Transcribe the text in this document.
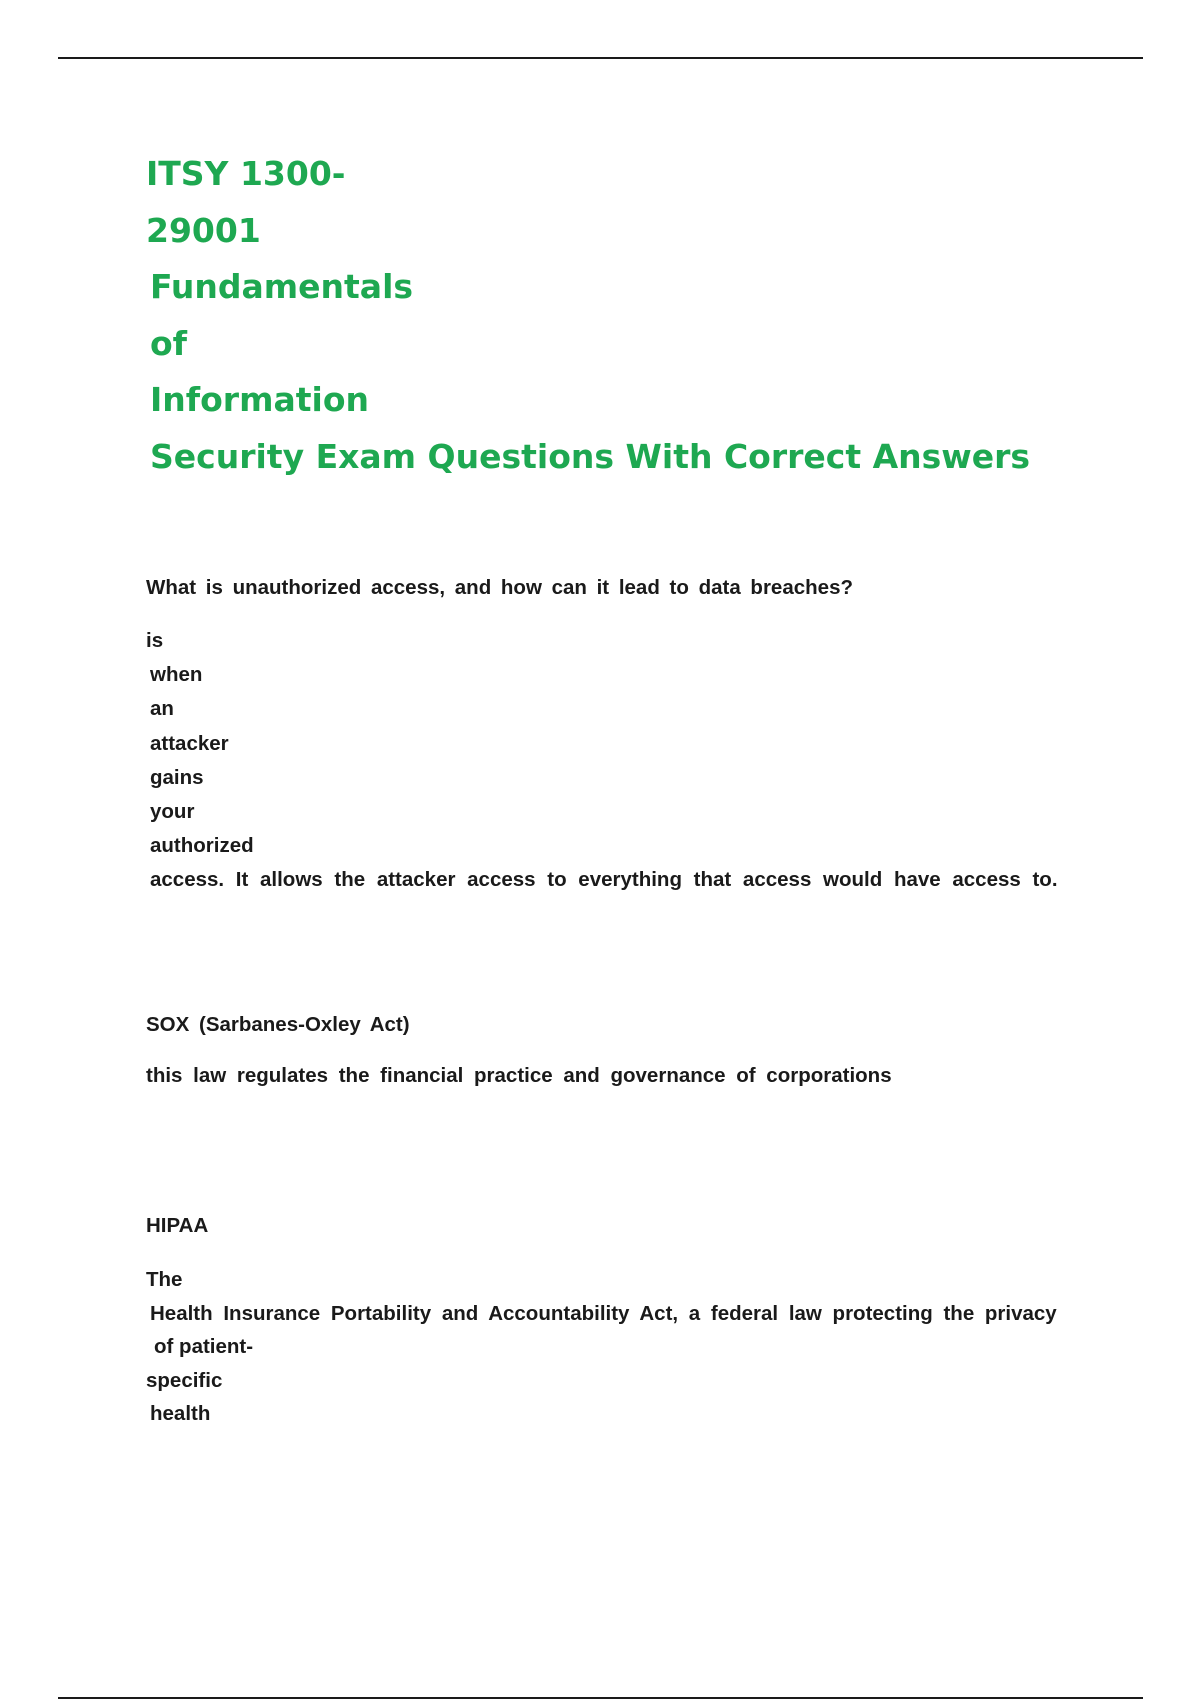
ITSY 1300-
29001
Fundamentals
of
Information
Security Exam Questions With Correct Answers

What is unauthorized access, and how can it lead to data breaches?

is
when
an
attacker
gains
your
authorized
access. It allows the attacker access to everything that access would have access to.

SOX (Sarbanes-Oxley Act)

this law regulates the financial practice and governance of corporations

HIPAA

The
Health Insurance Portability and Accountability Act, a federal law protecting the privacy
of patient-
specific
health
